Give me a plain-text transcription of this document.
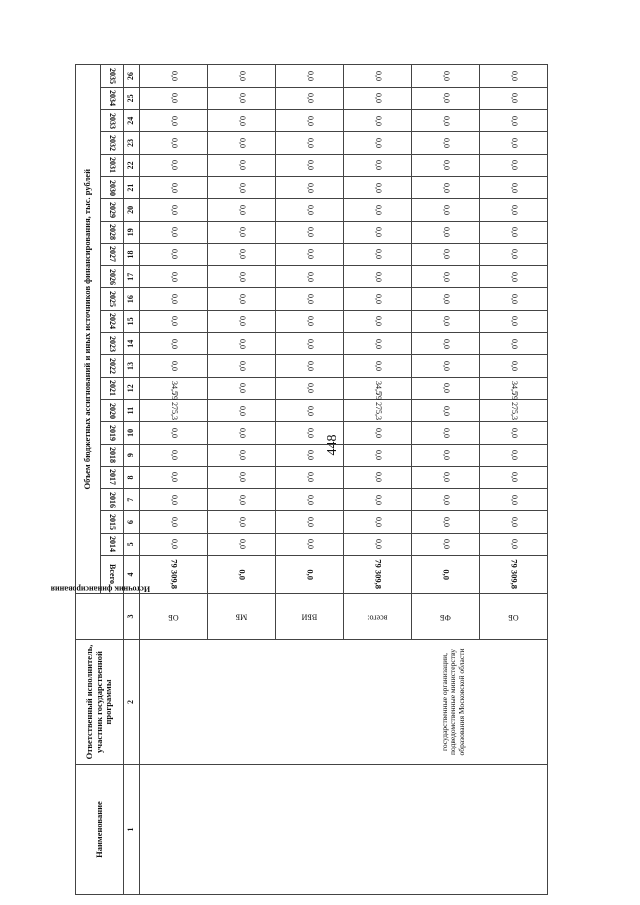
448
Наименование	Ответственный исполнитель, участник государственной программы	Источник финансирования	Объем бюджетных ассигнований и иных источников финансирования, тыс. рублей																						
			Всего	2014	2015	2016	2017	2018	2019	2020	2021	2022	2023	2024	2025	2026	2027	2028	2029	2030	2031	2032	2033	2034	2035
1	2	3	4	5	6	7	8	9	10	11	12	13	14	15	16	17	18	19	20	21	22	23	24	25	26

	государственные организации, подведомственные министерству образования Московской области	ОБ	79 309,8	0,0	0,0	0,0	0,0	0,0	0,0	79 275,3	34,5	0,0	0,0	0,0	0,0	0,0	0,0	0,0	0,0	0,0	0,0	0,0	0,0	0,0	0,0
		МБ	0,0	0,0	0,0	0,0	0,0	0,0	0,0	0,0	0,0	0,0	0,0	0,0	0,0	0,0	0,0	0,0	0,0	0,0	0,0	0,0	0,0	0,0	0,0
		ВБИ	0,0	0,0	0,0	0,0	0,0	0,0	0,0	0,0	0,0	0,0	0,0	0,0	0,0	0,0	0,0	0,0	0,0	0,0	0,0	0,0	0,0	0,0	0,0
		всего:	79 309,8	0,0	0,0	0,0	0,0	0,0	0,0	79 275,3	34,5	0,0	0,0	0,0	0,0	0,0	0,0	0,0	0,0	0,0	0,0	0,0	0,0	0,0	0,0
		ФБ	0,0	0,0	0,0	0,0	0,0	0,0	0,0	0,0	0,0	0,0	0,0	0,0	0,0	0,0	0,0	0,0	0,0	0,0	0,0	0,0	0,0	0,0	0,0
		ОБ	79 309,8	0,0	0,0	0,0	0,0	0,0	0,0	79 275,3	34,5	0,0	0,0	0,0	0,0	0,0	0,0	0,0	0,0	0,0	0,0	0,0	0,0	0,0	0,0
